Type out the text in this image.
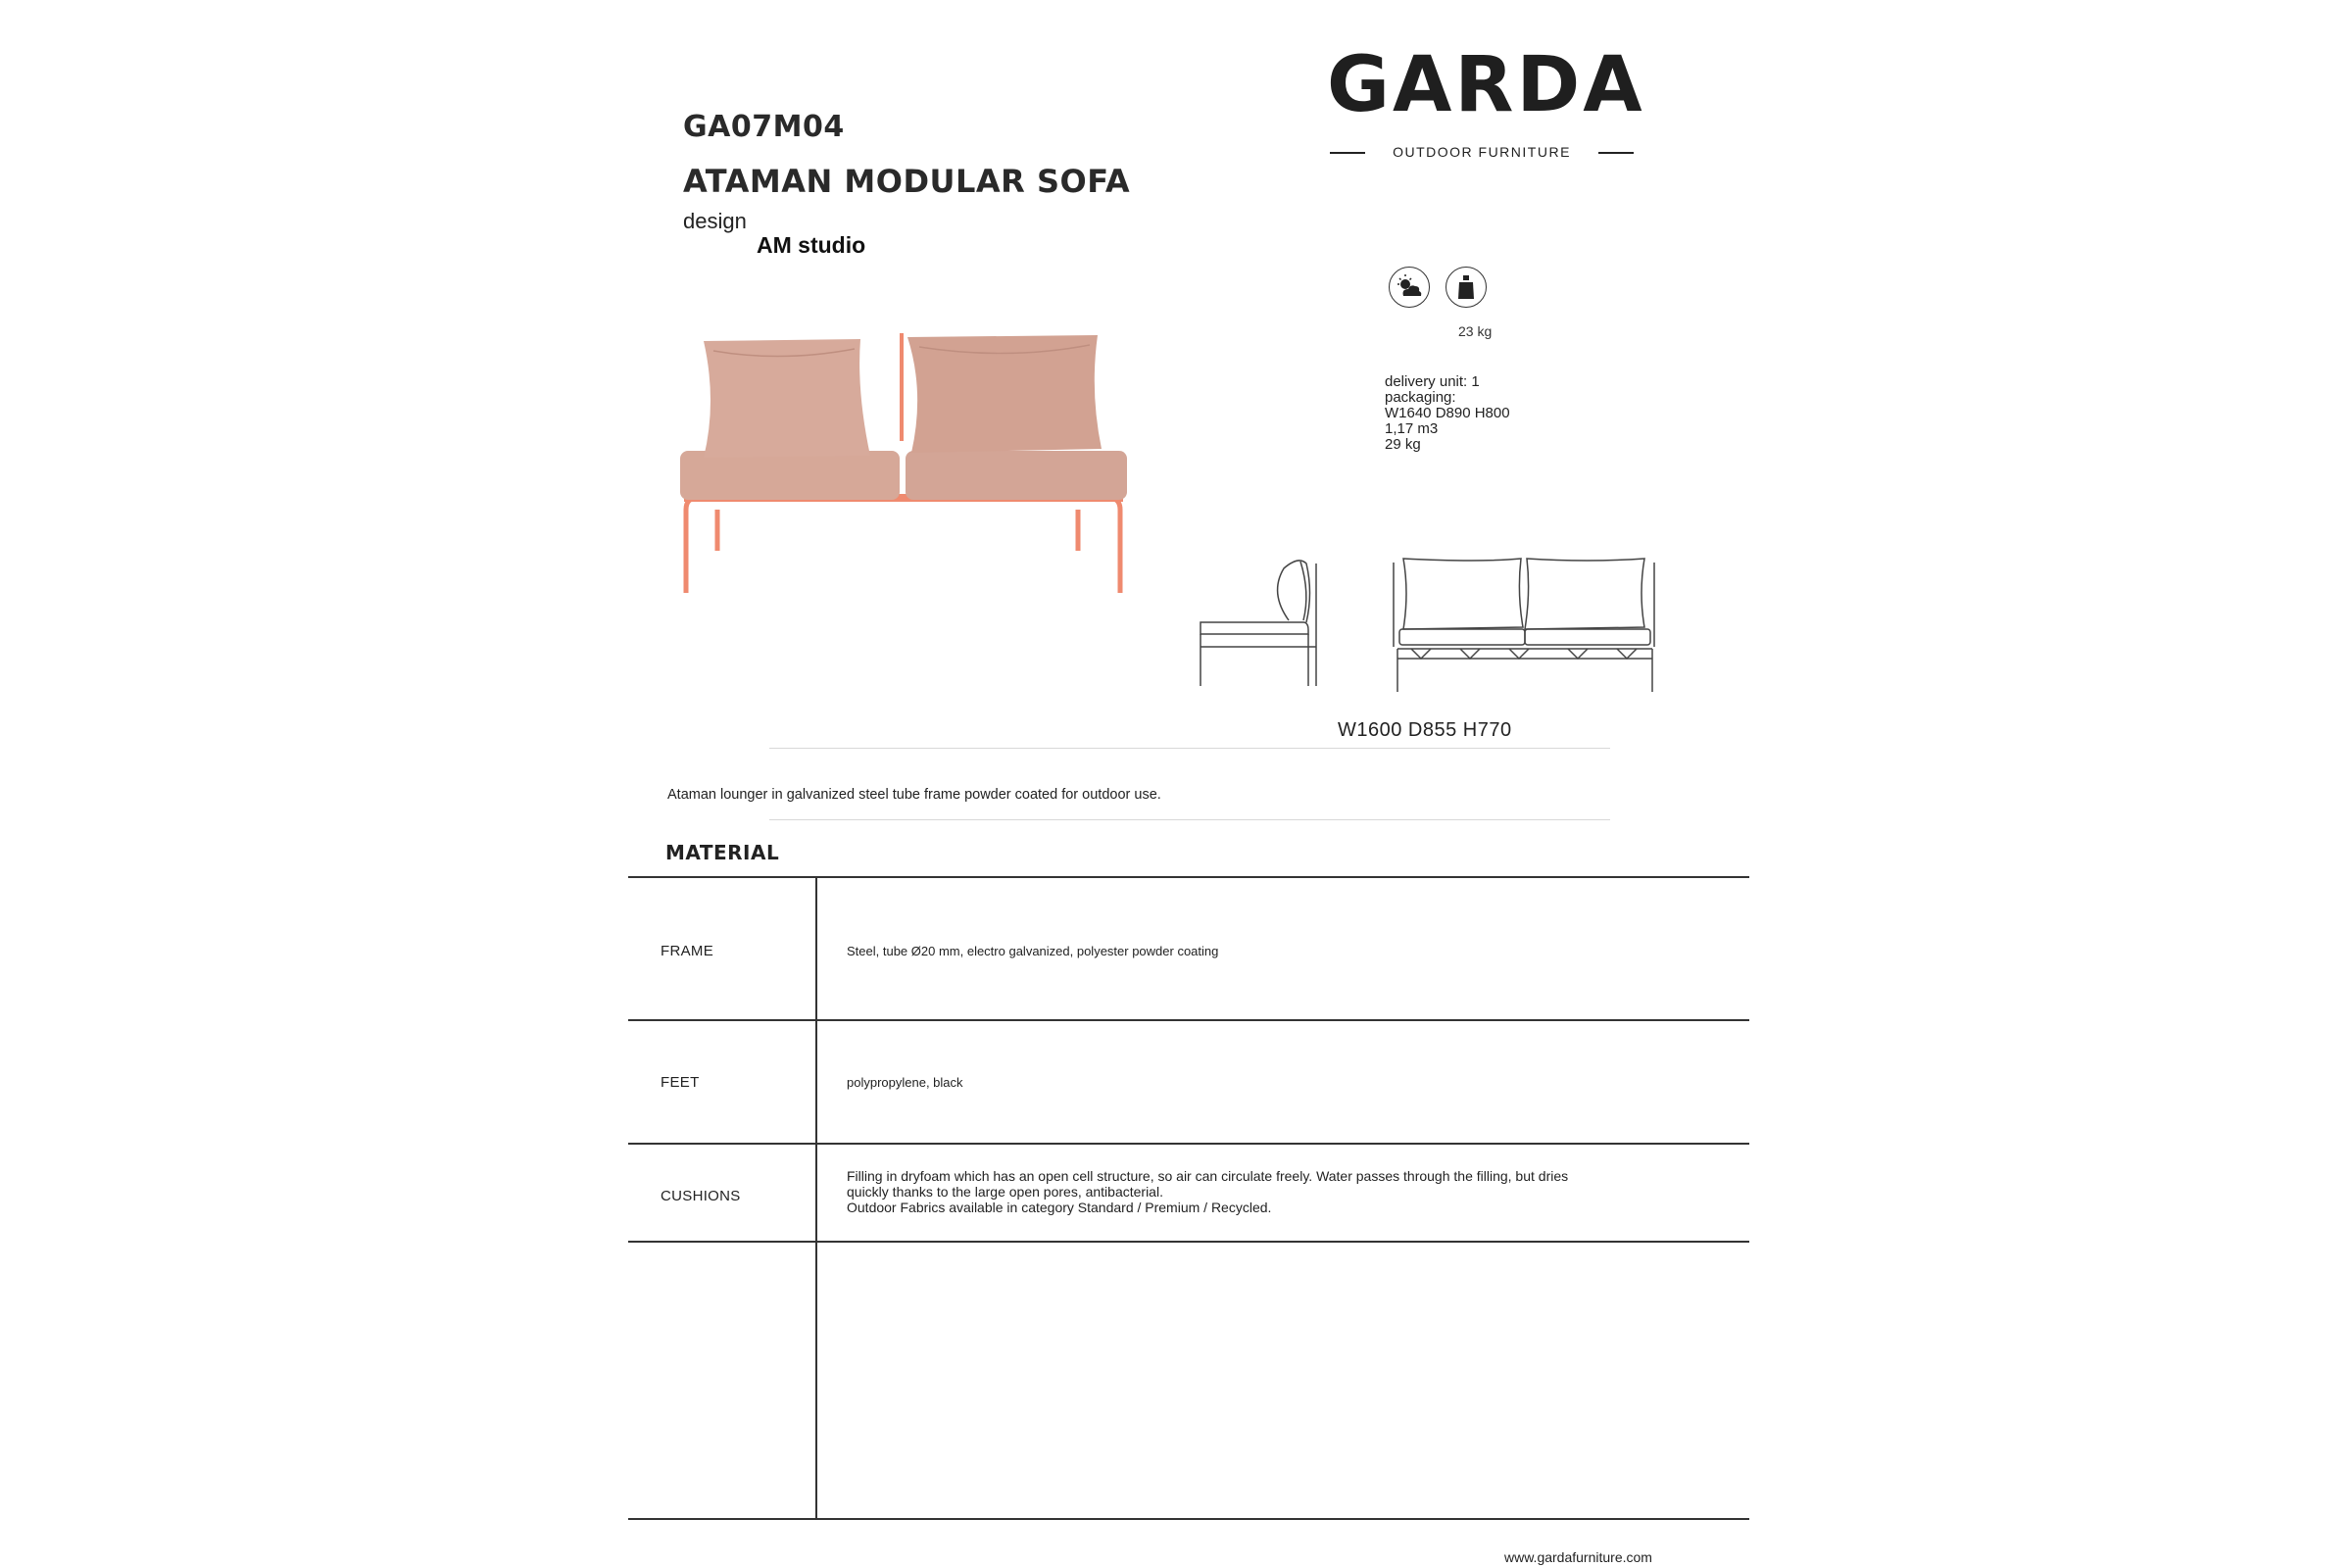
GA07M04
ATAMAN MODULAR SOFA
design
AM studio
GARDA
OUTDOOR FURNITURE
23 kg
delivery unit: 1
packaging:
W1640 D890 H800
1,17 m3
29 kg
W1600 D855 H770
Ataman lounger in galvanized steel tube frame powder coated for outdoor use.
MATERIAL
FRAME	Steel, tube Ø20 mm, electro galvanized, polyester powder coating
FEET	polypropylene, black
CUSHIONS
Filling in dryfoam which has an open cell structure, so air can circulate freely. Water passes through the filling, but dries
quickly thanks to the large open pores, antibacterial.
Outdoor Fabrics available in category Standard / Premium / Recycled.
www.gardafurniture.com
